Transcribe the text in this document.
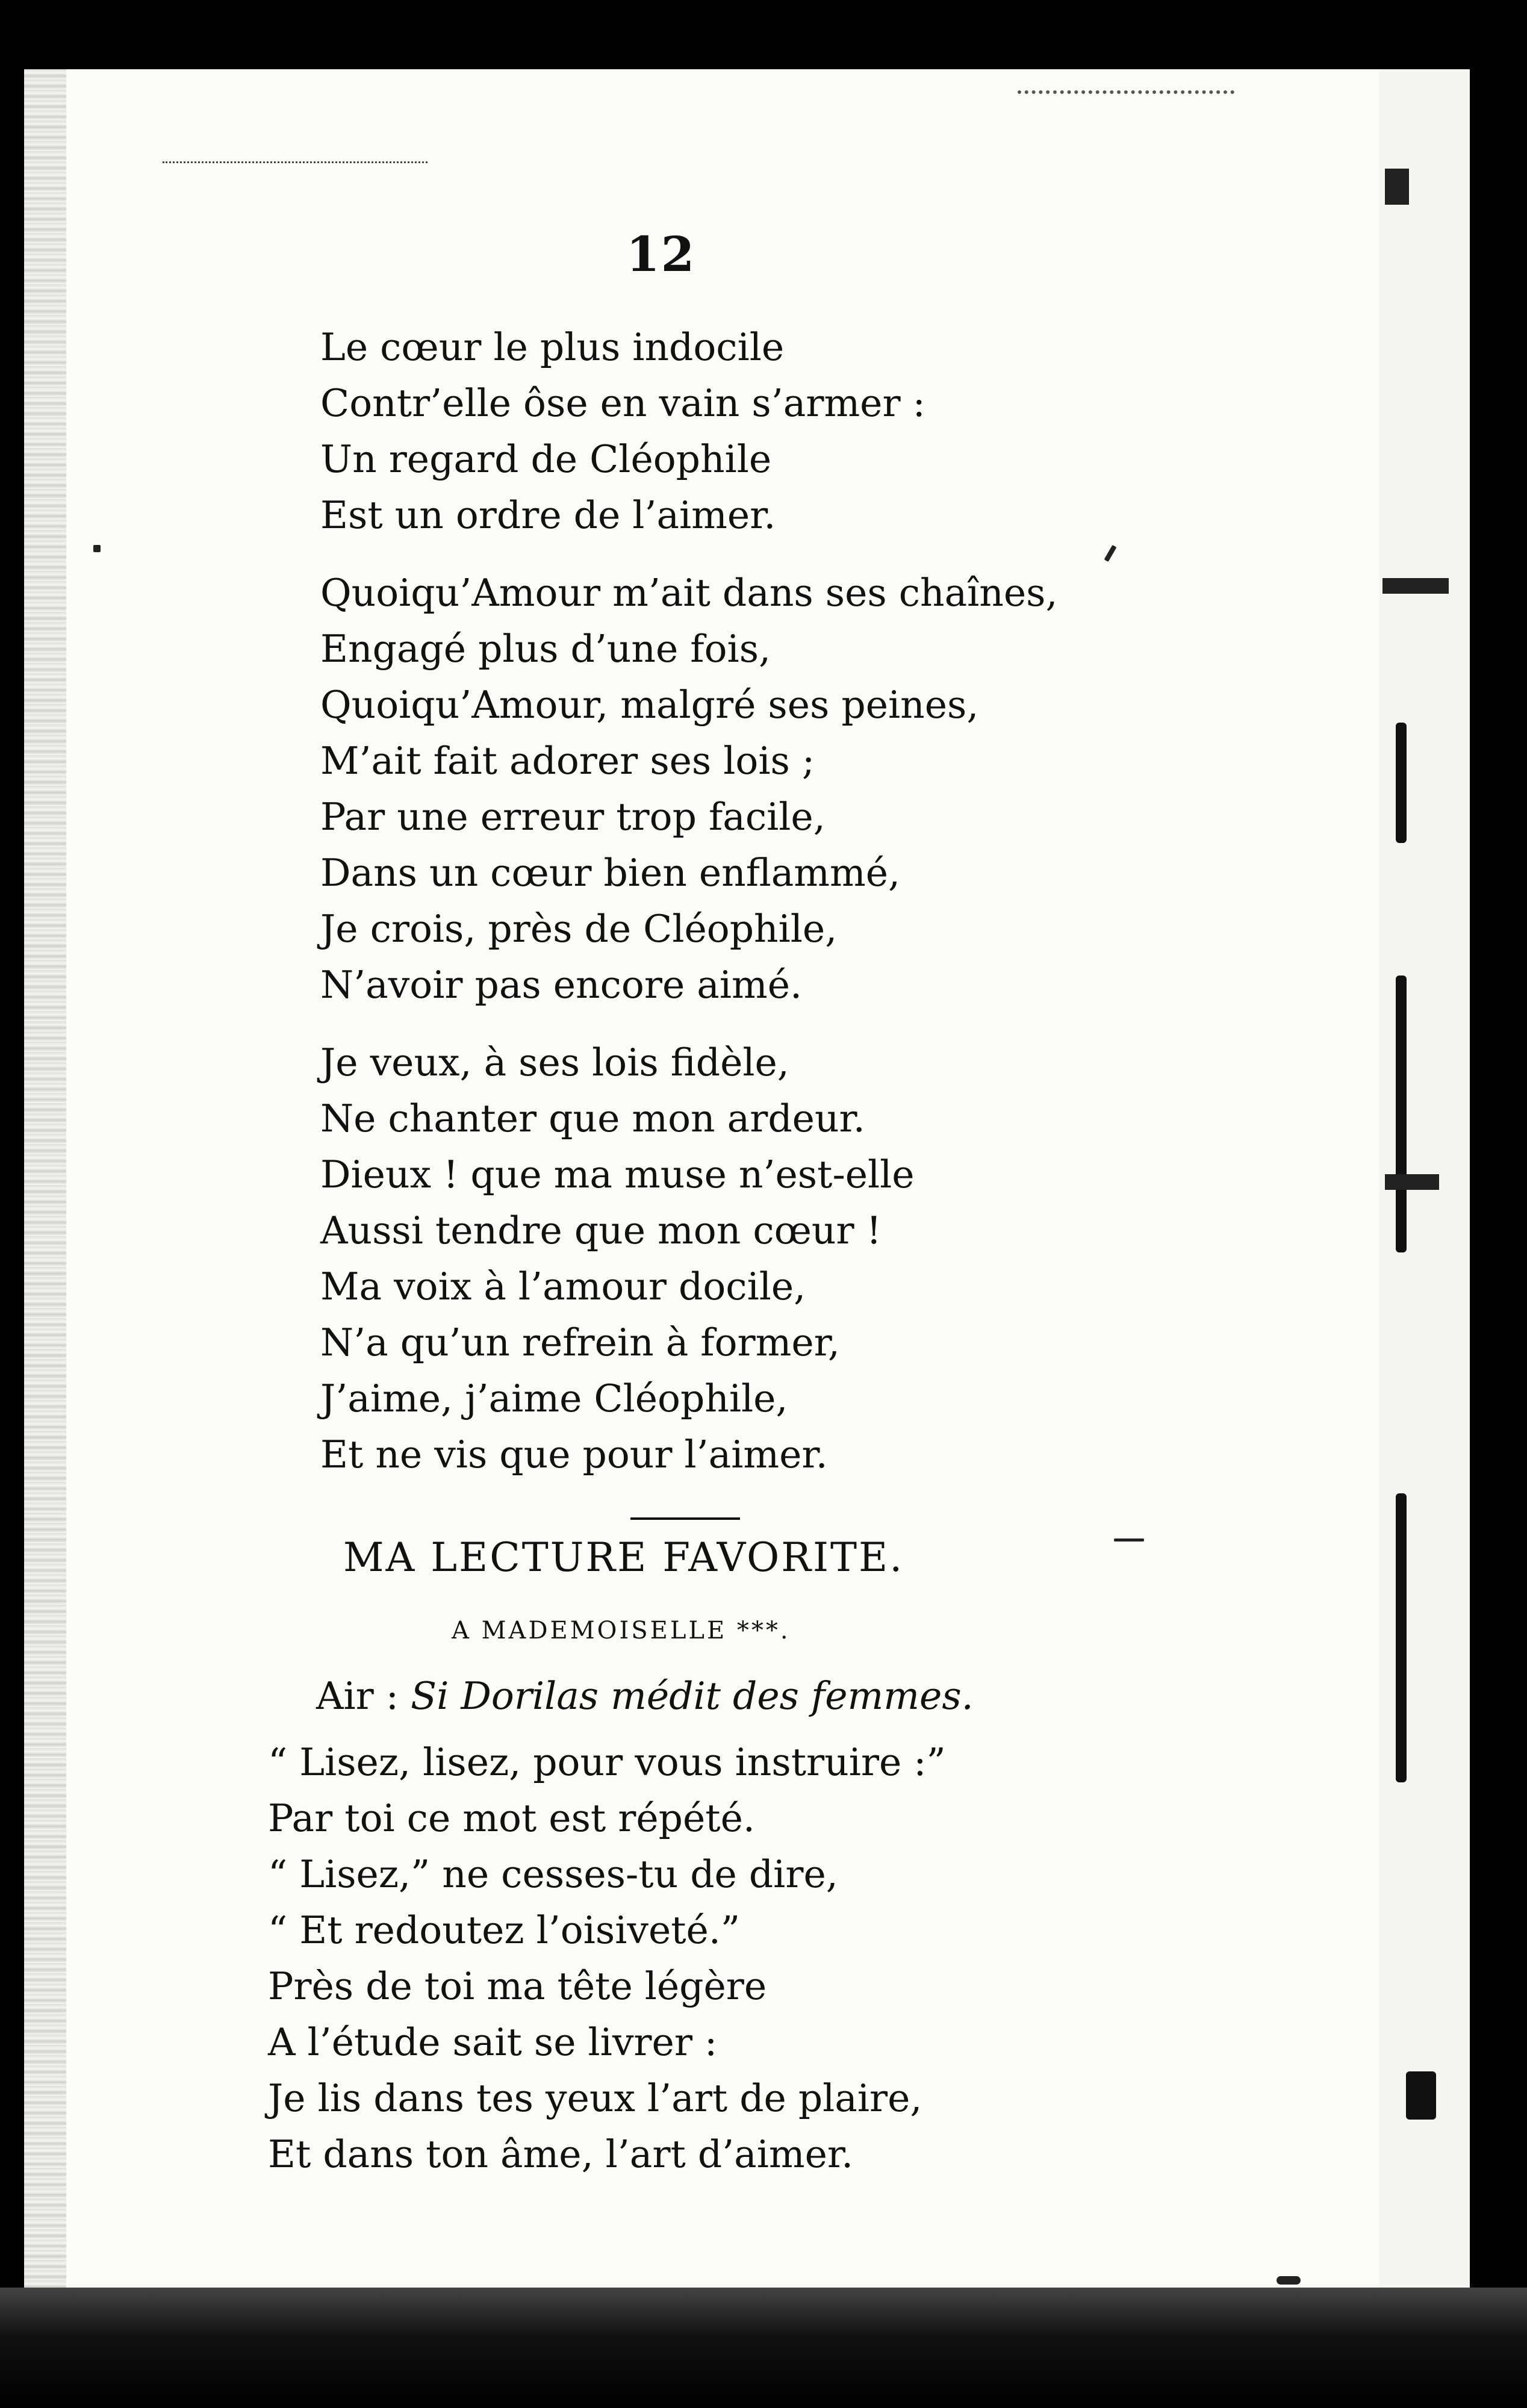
12
Le cœur le plus indocile
Contr’elle ôse en vain s’armer :
Un regard de Cléophile
Est un ordre de l’aimer.
Quoiqu’Amour m’ait dans ses chaînes,
Engagé plus d’une fois,
Quoiqu’Amour, malgré ses peines,
M’ait fait adorer ses lois ;
Par une erreur trop facile,
Dans un cœur bien enflammé,
Je crois, près de Cléophile,
N’avoir pas encore aimé.
Je veux, à ses lois fidèle,
Ne chanter que mon ardeur.
Dieux ! que ma muse n’est-elle
Aussi tendre que mon cœur !
Ma voix à l’amour docile,
N’a qu’un refrein à former,
J’aime, j’aime Cléophile,
Et ne vis que pour l’aimer.
MA LECTURE FAVORITE.
A MADEMOISELLE ***.
Air : Si Dorilas médit des femmes.
“ Lisez, lisez, pour vous instruire :”
Par toi ce mot est répété.
“ Lisez,” ne cesses-tu de dire,
“ Et redoutez l’oisiveté.”
Près de toi ma tête légère
A l’étude sait se livrer :
Je lis dans tes yeux l’art de plaire,
Et dans ton âme, l’art d’aimer.
